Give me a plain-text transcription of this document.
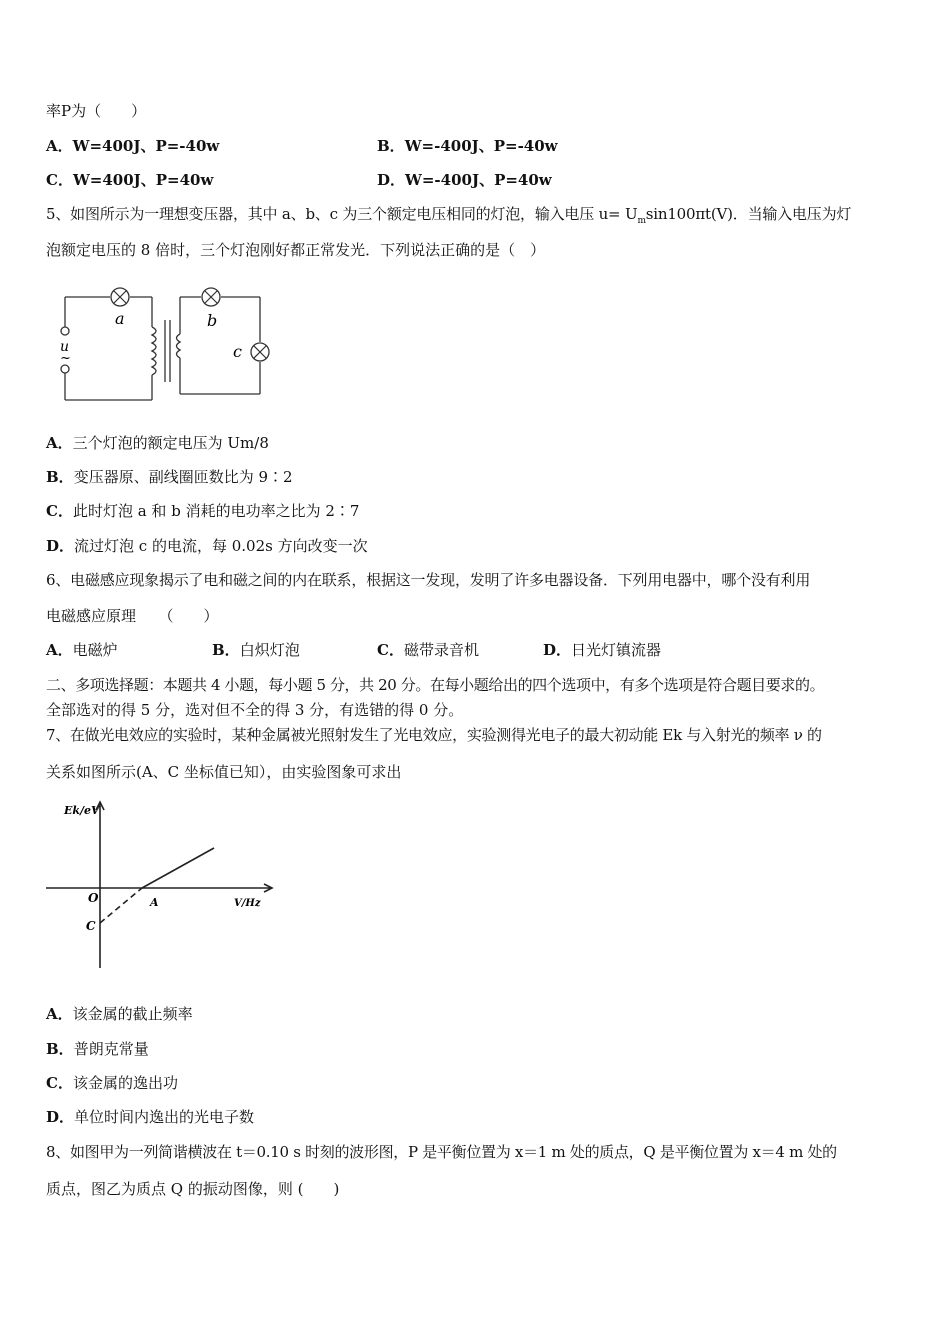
率P为（　　）
A．W=400J、P=-40w	B．W=-400J、P=-40w
C．W=400J、P=40w	D．W=-400J、P=40w
5、如图所示为一理想变压器，其中 a、b、c 为三个额定电压相同的灯泡，输入电压 $u= U_m\sin 100\pi t(V)$．当输入电压为灯
泡额定电压的 8 倍时，三个灯泡刚好都正常发光．下列说法正确的是（　）
u
~
a	b
c
A．三个灯泡的额定电压为 Um/8
B．变压器原、副线圈匝数比为 9∶2
C．此时灯泡 a 和 b 消耗的电功率之比为 2∶7
D．流过灯泡 c 的电流，每 0.02s 方向改变一次
6、电磁感应现象揭示了电和磁之间的内在联系，根据这一发现，发明了许多电器设备．下列用电器中，哪个没有利用
电磁感应原理　　（　　）
A．电磁炉	B．白炽灯泡	C．磁带录音机	D．日光灯镇流器
二、多项选择题：本题共 4 小题，每小题 5 分，共 20 分。在每小题给出的四个选项中，有多个选项是符合题目要求的。
全部选对的得 5 分，选对但不全的得 3 分，有选错的得 0 分。
7、在做光电效应的实验时，某种金属被光照射发生了光电效应，实验测得光电子的最大初动能 Ek 与入射光的频率 ν 的
关系如图所示(A、C 坐标值已知），由实验图象可求出
Ek/eV
V/Hz
O	A
C
A．该金属的截止频率
B．普朗克常量
C．该金属的逸出功
D．单位时间内逸出的光电子数
8、如图甲为一列简谐横波在 t＝0.10 s 时刻的波形图，P 是平衡位置为 x＝1 m 处的质点，Q 是平衡位置为 x＝4 m 处的
质点，图乙为质点 Q 的振动图像，则 (　　)
